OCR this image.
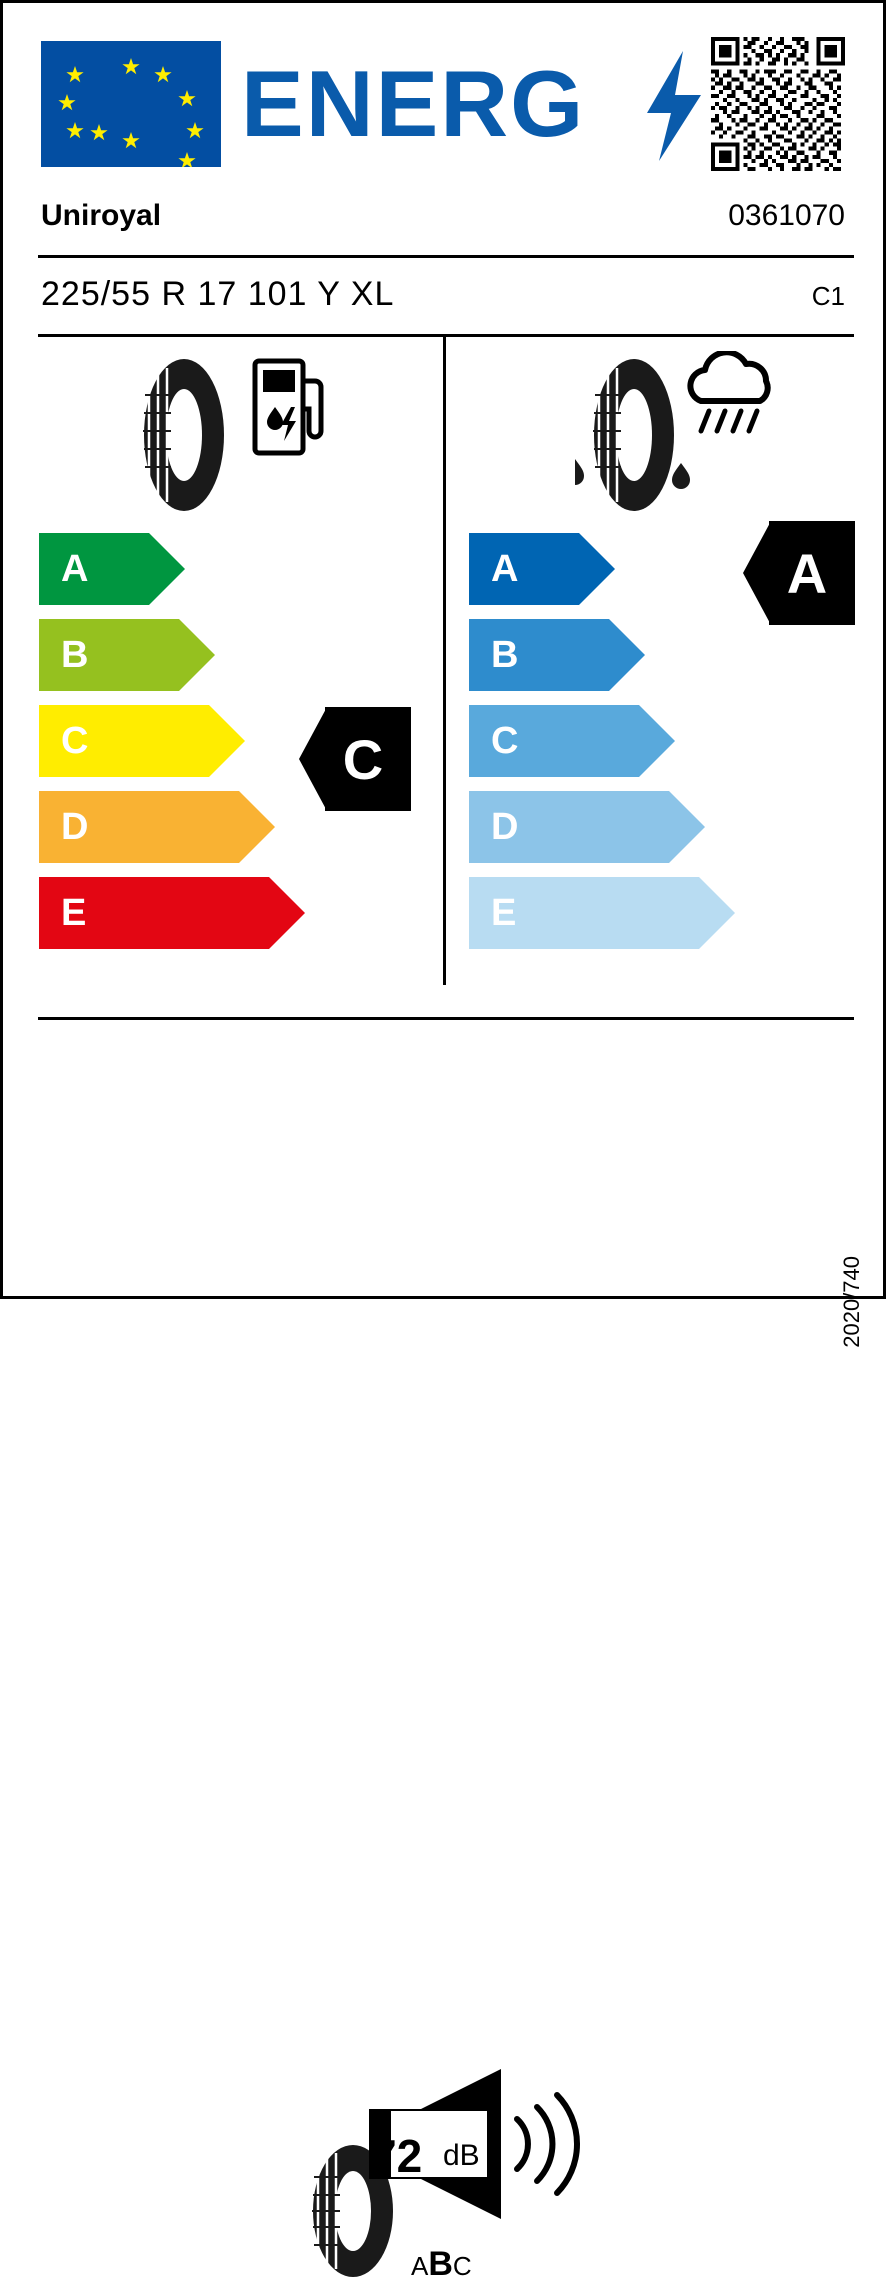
ENERG
Uniroyal	0361070
225/55 R 17 101 Y XL	C1
A
B
C
D
E
C
A
B
C
D
E
A
72 dB
ABC
2020/740
